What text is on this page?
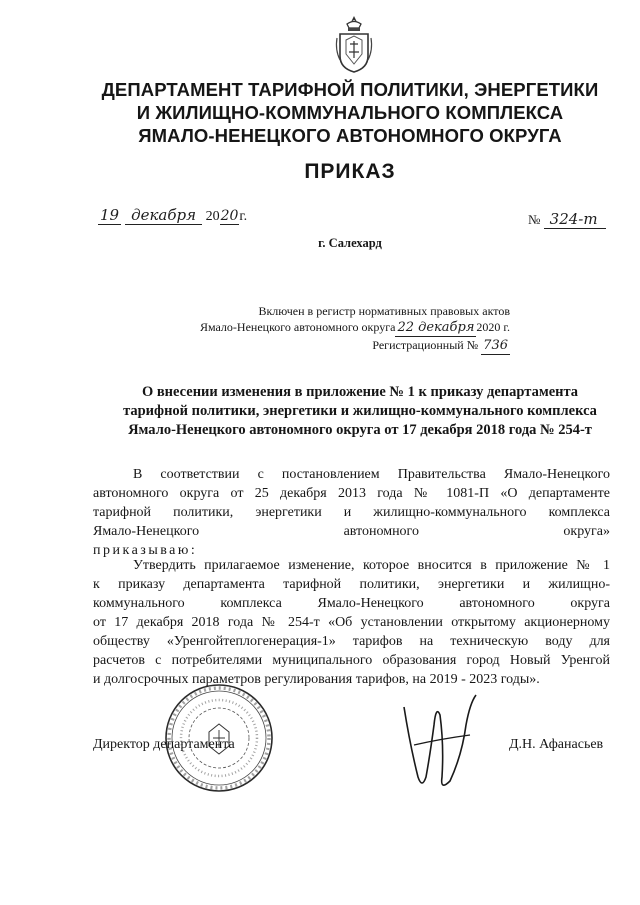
ДЕПАРТАМЕНТ ТАРИФНОЙ ПОЛИТИКИ, ЭНЕРГЕТИКИ
И ЖИЛИЩНО-КОММУНАЛЬНОГО КОМПЛЕКСА
ЯМАЛО-НЕНЕЦКОГО АВТОНОМНОГО ОКРУГА
ПРИКАЗ
19 декабря 2020г.	№ 324-т
г. Салехард
Включен в регистр нормативных правовых актов
Ямало-Ненецкого автономного округа 22 декабря 2020 г.
Регистрационный № 736
О внесении изменения в приложение № 1 к приказу департамента
тарифной политики, энергетики и жилищно-коммунального комплекса
Ямало-Ненецкого автономного округа от 17 декабря 2018 года № 254-т
В соответствии с постановлением Правительства Ямало-Ненецкого
автономного округа от 25 декабря 2013 года № 1081-П «О департаменте
тарифной политики, энергетики и жилищно-коммунального комплекса
Ямало-Ненецкого автономного округа»
приказываю:
Утвердить прилагаемое изменение, которое вносится в приложение № 1
к приказу департамента тарифной политики, энергетики и жилищно-
коммунального комплекса Ямало-Ненецкого автономного округа
от 17 декабря 2018 года № 254-т «Об установлении открытому акционерному
обществу «Уренгойтеплогенерация-1» тарифов на техническую воду для
расчетов с потребителями муниципального образования город Новый Уренгой
и долгосрочных параметров регулирования тарифов, на 2019 - 2023 годы».
Директор департамента	Д.Н. Афанасьев
